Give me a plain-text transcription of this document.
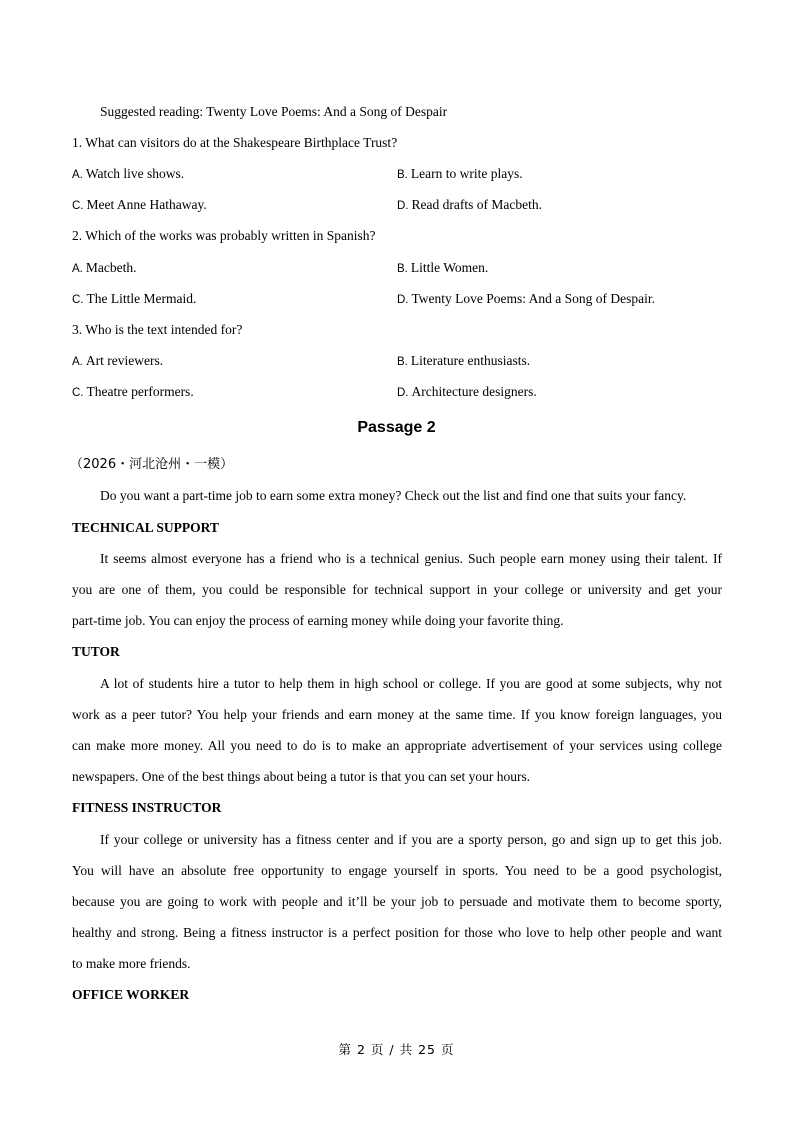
Suggested reading: Twenty Love Poems: And a Song of Despair
1. What can visitors do at the Shakespeare Birthplace Trust?
A. Watch live shows.	B. Learn to write plays.
C. Meet Anne Hathaway.	D. Read drafts of Macbeth.
2. Which of the works was probably written in Spanish?
A. Macbeth.	B. Little Women.
C. The Little Mermaid.	D. Twenty Love Poems: And a Song of Despair.
3. Who is the text intended for?
A. Art reviewers.	B. Literature enthusiasts.
C. Theatre performers.	D. Architecture designers.
Passage 2
（2026・河北沧州・一模）
Do you want a part-time job to earn some extra money? Check out the list and find one that suits your fancy.
TECHNICAL SUPPORT
It seems almost everyone has a friend who is a technical genius. Such people earn money using their talent. If
you are one of them, you could be responsible for technical support in your college or university and get your
part-time job. You can enjoy the process of earning money while doing your favorite thing.
TUTOR
A lot of students hire a tutor to help them in high school or college. If you are good at some subjects, why not
work as a peer tutor? You help your friends and earn money at the same time. If you know foreign languages, you
can make more money. All you need to do is to make an appropriate advertisement of your services using college
newspapers. One of the best things about being a tutor is that you can set your hours.
FITNESS INSTRUCTOR
If your college or university has a fitness center and if you are a sporty person, go and sign up to get this job.
You will have an absolute free opportunity to engage yourself in sports. You need to be a good psychologist,
because you are going to work with people and it’ll be your job to persuade and motivate them to become sporty,
healthy and strong. Being a fitness instructor is a perfect position for those who love to help other people and want
to make more friends.
OFFICE WORKER
第 2 页 / 共 25 页
